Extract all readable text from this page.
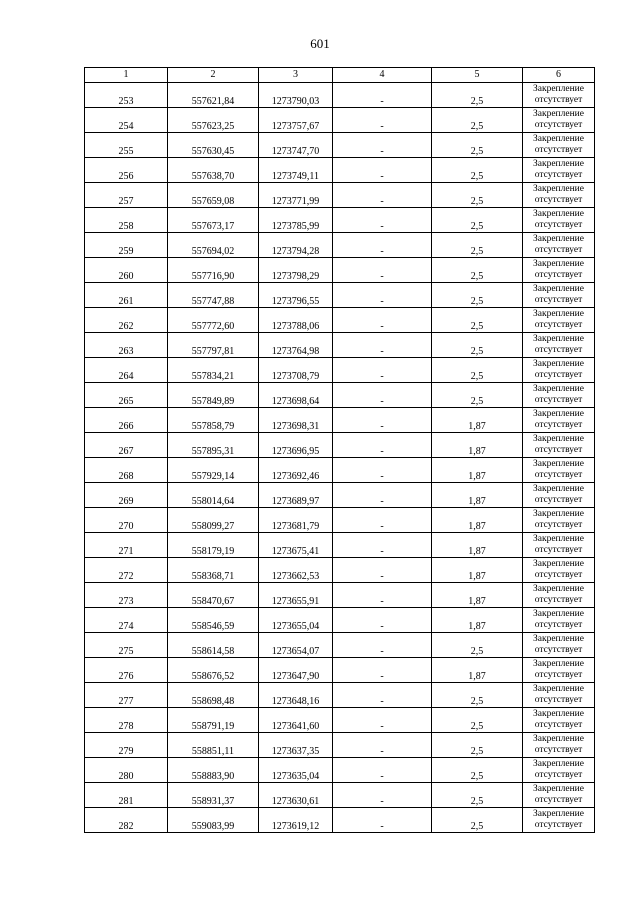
601
1	2	3	4	5	6
253	557621,84	1273790,03	-	2,5	Закрепление отсутствует
254	557623,25	1273757,67	-	2,5	Закрепление отсутствует
255	557630,45	1273747,70	-	2,5	Закрепление отсутствует
256	557638,70	1273749,11	-	2,5	Закрепление отсутствует
257	557659,08	1273771,99	-	2,5	Закрепление отсутствует
258	557673,17	1273785,99	-	2,5	Закрепление отсутствует
259	557694,02	1273794,28	-	2,5	Закрепление отсутствует
260	557716,90	1273798,29	-	2,5	Закрепление отсутствует
261	557747,88	1273796,55	-	2,5	Закрепление отсутствует
262	557772,60	1273788,06	-	2,5	Закрепление отсутствует
263	557797,81	1273764,98	-	2,5	Закрепление отсутствует
264	557834,21	1273708,79	-	2,5	Закрепление отсутствует
265	557849,89	1273698,64	-	2,5	Закрепление отсутствует
266	557858,79	1273698,31	-	1,87	Закрепление отсутствует
267	557895,31	1273696,95	-	1,87	Закрепление отсутствует
268	557929,14	1273692,46	-	1,87	Закрепление отсутствует
269	558014,64	1273689,97	-	1,87	Закрепление отсутствует
270	558099,27	1273681,79	-	1,87	Закрепление отсутствует
271	558179,19	1273675,41	-	1,87	Закрепление отсутствует
272	558368,71	1273662,53	-	1,87	Закрепление отсутствует
273	558470,67	1273655,91	-	1,87	Закрепление отсутствует
274	558546,59	1273655,04	-	1,87	Закрепление отсутствует
275	558614,58	1273654,07	-	2,5	Закрепление отсутствует
276	558676,52	1273647,90	-	1,87	Закрепление отсутствует
277	558698,48	1273648,16	-	2,5	Закрепление отсутствует
278	558791,19	1273641,60	-	2,5	Закрепление отсутствует
279	558851,11	1273637,35	-	2,5	Закрепление отсутствует
280	558883,90	1273635,04	-	2,5	Закрепление отсутствует
281	558931,37	1273630,61	-	2,5	Закрепление отсутствует
282	559083,99	1273619,12	-	2,5	Закрепление отсутствует
